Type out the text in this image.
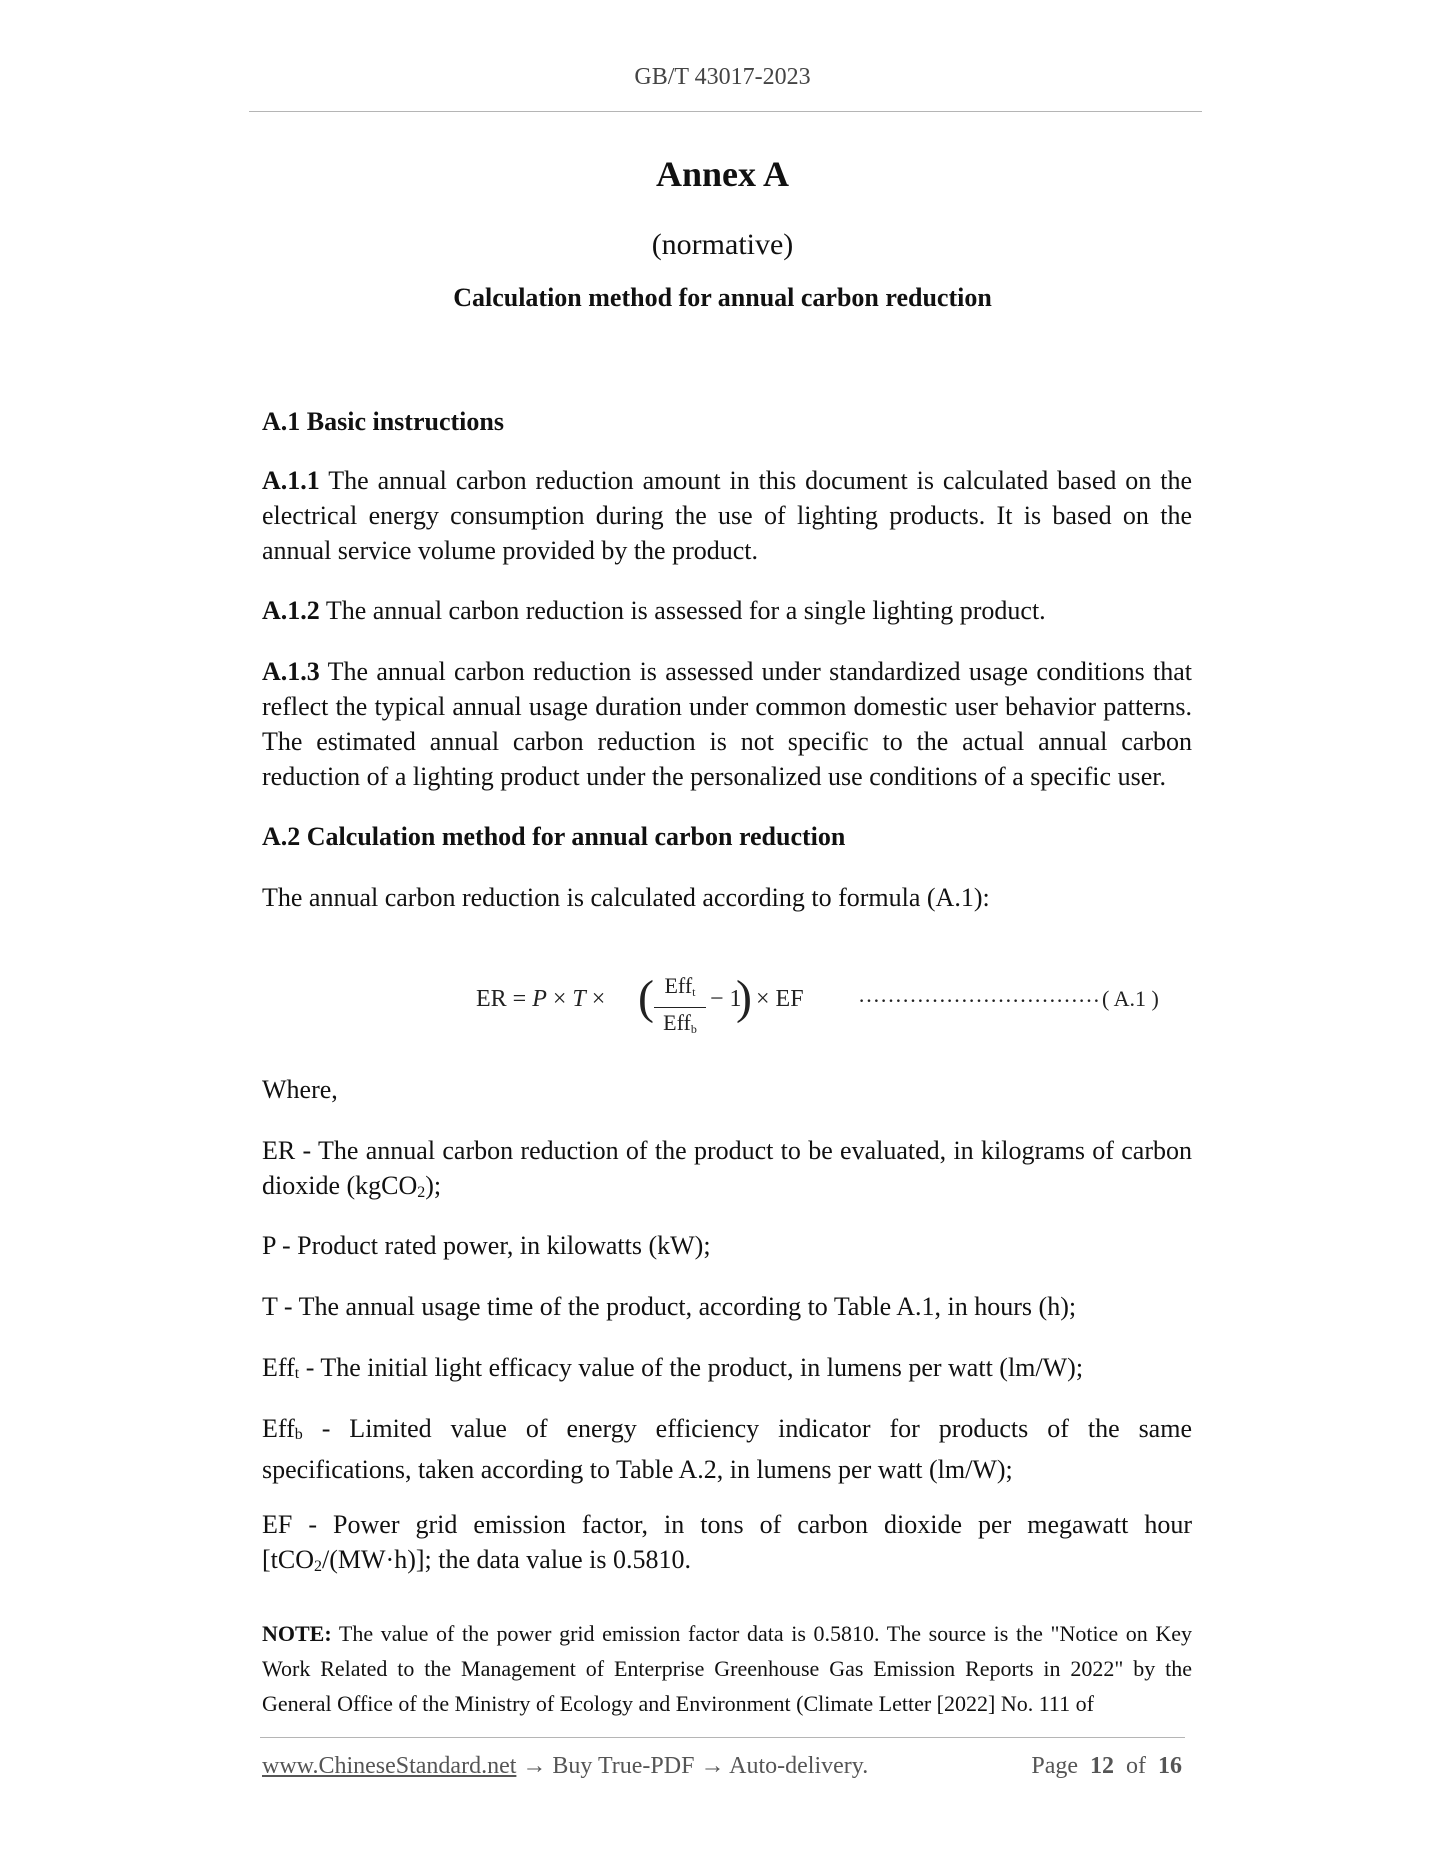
GB/T 43017-2023
Annex A
(normative)
Calculation method for annual carbon reduction
A.1 Basic instructions
A.1.1 The annual carbon reduction amount in this document is calculated based on the electrical energy consumption during the use of lighting products. It is based on the annual service volume provided by the product.
A.1.2 The annual carbon reduction is assessed for a single lighting product.
A.1.3 The annual carbon reduction is assessed under standardized usage conditions that reflect the typical annual usage duration under common domestic user behavior patterns. The estimated annual carbon reduction is not specific to the actual annual carbon reduction of a lighting product under the personalized use conditions of a specific user.
A.2 Calculation method for annual carbon reduction
The annual carbon reduction is calculated according to formula (A.1):
ER = P × T × ( Efft
Effb
− 1
) × EF …………………………… ( A.1 )
Where,
ER - The annual carbon reduction of the product to be evaluated, in kilograms of carbon dioxide (kgCO2);
P - Product rated power, in kilowatts (kW);
T - The annual usage time of the product, according to Table A.1, in hours (h);
Efft - The initial light efficacy value of the product, in lumens per watt (lm/W);
Effb - Limited value of energy efficiency indicator for products of the same specifications, taken according to Table A.2, in lumens per watt (lm/W);
EF - Power grid emission factor, in tons of carbon dioxide per megawatt hour [tCO2/(MW·h)]; the data value is 0.5810.
NOTE: The value of the power grid emission factor data is 0.5810. The source is the "Notice on Key Work Related to the Management of Enterprise Greenhouse Gas Emission Reports in 2022" by the General Office of the Ministry of Ecology and Environment (Climate Letter [2022] No. 111 of
www.ChineseStandard.net → Buy True-PDF → Auto-delivery.	Page 12 of 16
